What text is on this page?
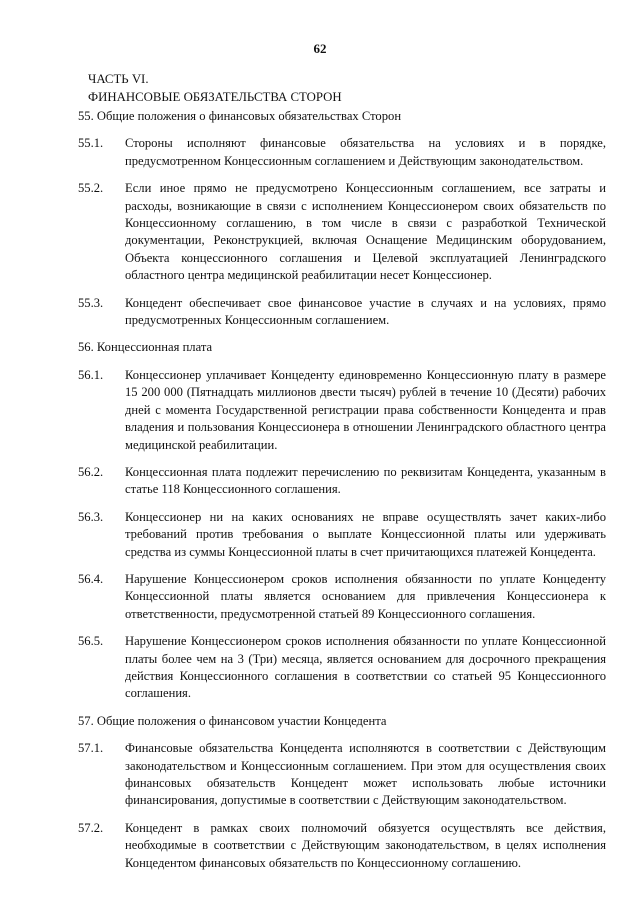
62
ЧАСТЬ VI.
ФИНАНСОВЫЕ ОБЯЗАТЕЛЬСТВА СТОРОН
55. Общие положения о финансовых обязательствах Сторон
55.1.	Стороны исполняют финансовые обязательства на условиях и в порядке, предусмотренном Концессионным соглашением и Действующим законодательством.
55.2.	Если иное прямо не предусмотрено Концессионным соглашением, все затраты и расходы, возникающие в связи с исполнением Концессионером своих обязательств по Концессионному соглашению, в том числе в связи с разработкой Технической документации, Реконструкцией, включая Оснащение Медицинским оборудованием, Объекта концессионного соглашения и Целевой эксплуатацией Ленинградского областного центра медицинской реабилитации несет Концессионер.
55.3.	Концедент обеспечивает свое финансовое участие в случаях и на условиях, прямо предусмотренных Концессионным соглашением.
56. Концессионная плата
56.1.	Концессионер уплачивает Концеденту единовременно Концессионную плату в размере 15 200 000 (Пятнадцать миллионов двести тысяч) рублей в течение 10 (Десяти) рабочих дней с момента Государственной регистрации права собственности Концедента и прав владения и пользования Концессионера в отношении Ленинградского областного центра медицинской реабилитации.
56.2.	Концессионная плата подлежит перечислению по реквизитам Концедента, указанным в статье 118 Концессионного соглашения.
56.3.	Концессионер ни на каких основаниях не вправе осуществлять зачет каких-либо требований против требования о выплате Концессионной платы или удерживать средства из суммы Концессионной платы в счет причитающихся платежей Концедента.
56.4.	Нарушение Концессионером сроков исполнения обязанности по уплате Концеденту Концессионной платы является основанием для привлечения Концессионера к ответственности, предусмотренной статьей 89 Концессионного соглашения.
56.5.	Нарушение Концессионером сроков исполнения обязанности по уплате Концессионной платы более чем на 3 (Три) месяца, является основанием для досрочного прекращения действия Концессионного соглашения в соответствии со статьей 95 Концессионного соглашения.
57. Общие положения о финансовом участии Концедента
57.1.	Финансовые обязательства Концедента исполняются в соответствии с Действующим законодательством и Концессионным соглашением. При этом для осуществления своих финансовых обязательств Концедент может использовать любые источники финансирования, допустимые в соответствии с Действующим законодательством.
57.2.	Концедент в рамках своих полномочий обязуется осуществлять все действия, необходимые в соответствии с Действующим законодательством, в целях исполнения Концедентом финансовых обязательств по Концессионному соглашению.
